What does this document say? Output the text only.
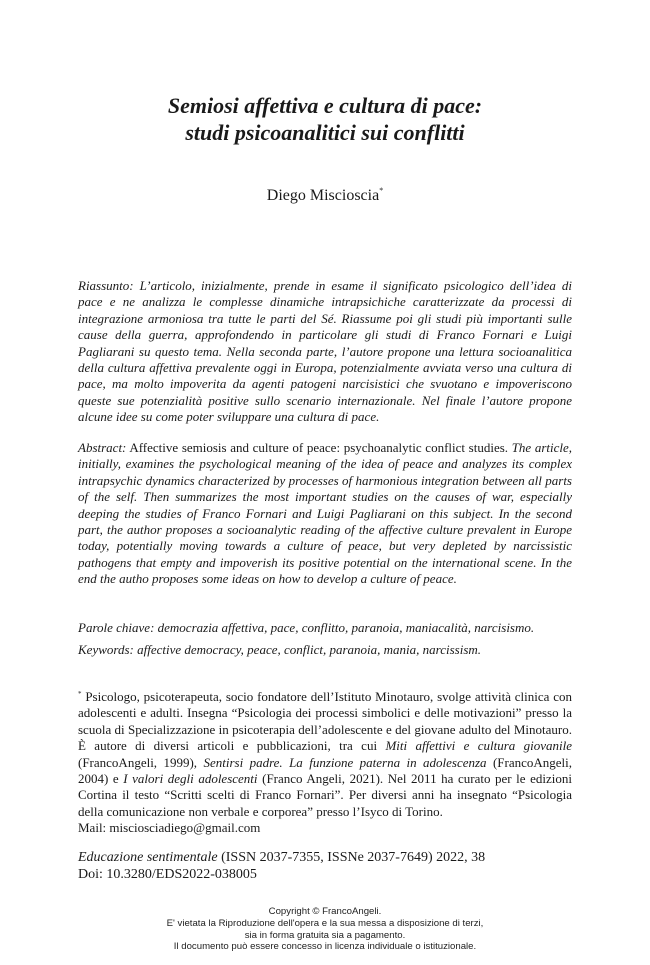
Semiosi affettiva e cultura di pace:
studi psicoanalitici sui conflitti
Diego Miscioscia*
Riassunto: L’articolo, inizialmente, prende in esame il significato psicologico dell’idea di pace e ne analizza le complesse dinamiche intrapsichiche caratterizzate da processi di integrazione armoniosa tra tutte le parti del Sé. Riassume poi gli studi più importanti sulle cause della guerra, approfondendo in particolare gli studi di Franco Fornari e Luigi Pagliarani su questo tema. Nella seconda parte, l’autore propone una lettura socioanalitica della cultura affettiva prevalente oggi in Europa, potenzialmente avviata verso una cultura di pace, ma molto impoverita da agenti patogeni narcisistici che svuotano e impoveriscono queste sue potenzialità positive sullo scenario internazionale. Nel finale l’autore propone alcune idee su come poter sviluppare una cultura di pace.
Abstract: Affective semiosis and culture of peace: psychoanalytic conflict studies. The article, initially, examines the psychological meaning of the idea of peace and analyzes its complex intrapsychic dynamics characterized by processes of harmonious integration between all parts of the self. Then summarizes the most important studies on the causes of war, especially deeping the studies of Franco Fornari and Luigi Pagliarani on this subject. In the second part, the author proposes a socioanalytic reading of the affective culture prevalent in Europe today, potentially moving towards a culture of peace, but very depleted by narcissistic pathogens that empty and impoverish its positive potential on the international scene. In the end the autho proposes some ideas on how to develop a culture of peace.
Parole chiave: democrazia affettiva, pace, conflitto, paranoia, maniacalità, narcisismo.
Keywords: affective democracy, peace, conflict, paranoia, mania, narcissism.
* Psicologo, psicoterapeuta, socio fondatore dell’Istituto Minotauro, svolge attività clinica con adolescenti e adulti. Insegna “Psicologia dei processi simbolici e delle motivazioni” presso la scuola di Specializzazione in psicoterapia dell’adolescente e del giovane adulto del Minotauro. È autore di diversi articoli e pubblicazioni, tra cui Miti affettivi e cultura giovanile (FrancoAngeli, 1999), Sentirsi padre. La funzione paterna in adolescenza (FrancoAngeli, 2004) e I valori degli adolescenti (Franco Angeli, 2021). Nel 2011 ha curato per le edizioni Cortina il testo “Scritti scelti di Franco Fornari”. Per diversi anni ha insegnato “Psicologia della comunicazione non verbale e corporea” presso l’Isyco di Torino.
Mail: misciosciadiego@gmail.com
Educazione sentimentale (ISSN 2037-7355, ISSNe 2037-7649) 2022, 38
Doi: 10.3280/EDS2022-038005
Copyright © FrancoAngeli.
E' vietata la Riproduzione dell'opera e la sua messa a disposizione di terzi,
sia in forma gratuita sia a pagamento.
Il documento può essere concesso in licenza individuale o istituzionale.
